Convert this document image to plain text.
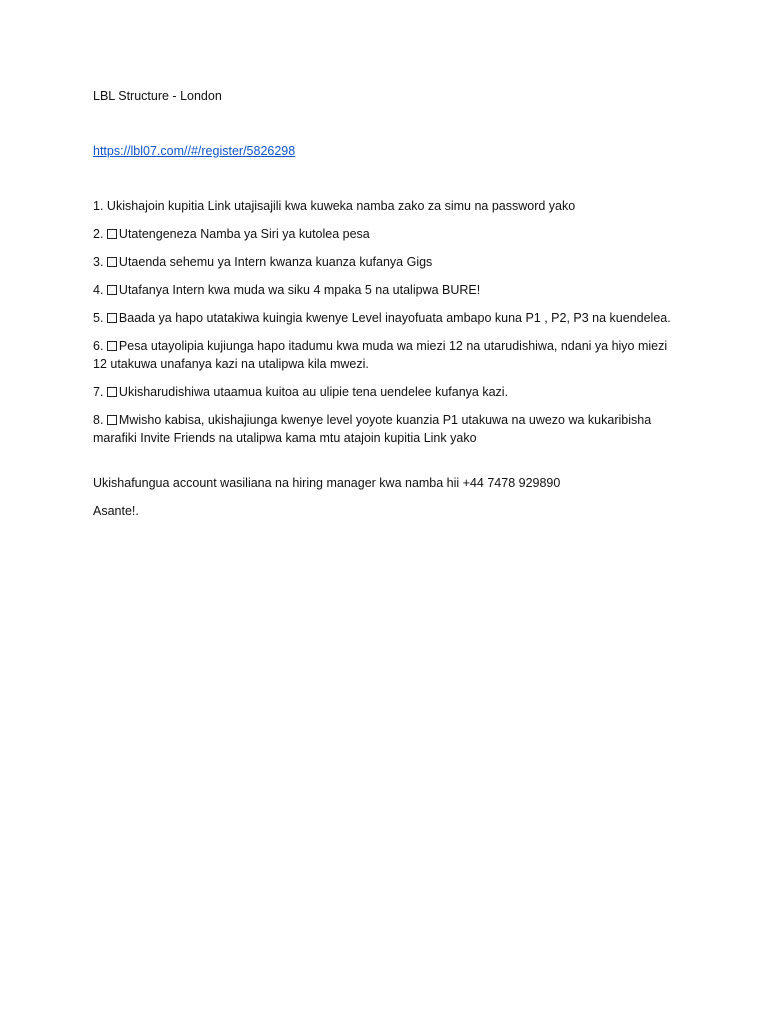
LBL Structure - London

https://lbl07.com//#/register/5826298

1. Ukishajoin kupitia Link utajisajili kwa kuweka namba zako za simu na password yako

2. Utatengeneza Namba ya Siri ya kutolea pesa

3. Utaenda sehemu ya Intern kwanza kuanza kufanya Gigs

4. Utafanya Intern kwa muda wa siku 4 mpaka 5 na utalipwa BURE!

5. Baada ya hapo utatakiwa kuingia kwenye Level inayofuata ambapo kuna P1 , P2, P3 na kuendelea.

6. Pesa utayolipia kujiunga hapo itadumu kwa muda wa miezi 12 na utarudishiwa, ndani ya hiyo miezi 12 utakuwa unafanya kazi na utalipwa kila mwezi.

7. Ukisharudishiwa utaamua kuitoa au ulipie tena uendelee kufanya kazi.

8. Mwisho kabisa, ukishajiunga kwenye level yoyote kuanzia P1 utakuwa na uwezo wa kukaribisha marafiki Invite Friends na utalipwa kama mtu atajoin kupitia Link yako

Ukishafungua account wasiliana na hiring manager kwa namba hii +44 7478 929890

Asante!.
